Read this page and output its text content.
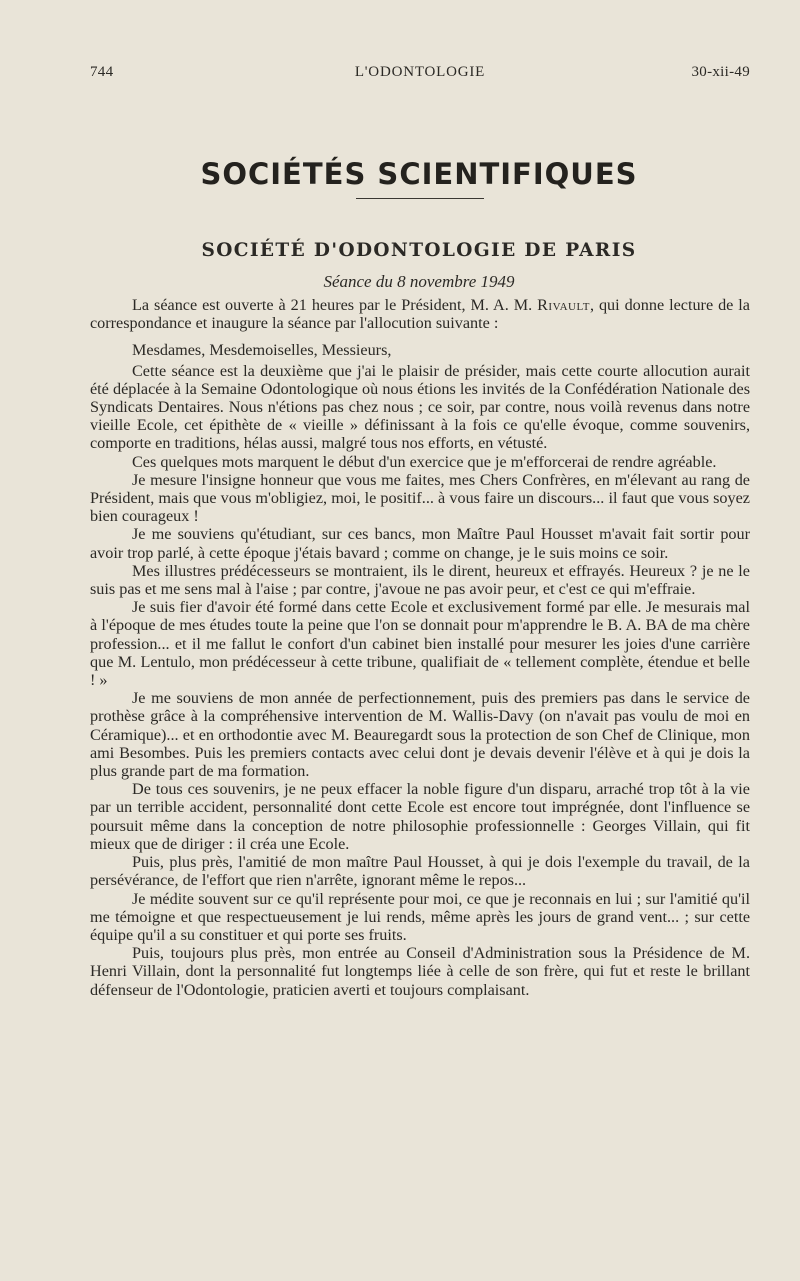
744	L'ODONTOLOGIE	30-xii-49
SOCIÉTÉS SCIENTIFIQUES
SOCIÉTÉ D'ODONTOLOGIE DE PARIS
Séance du 8 novembre 1949

La séance est ouverte à 21 heures par le Président, M. A. M. Rivault, qui donne lecture de la correspondance et inaugure la séance par l'allocution suivante :

Mesdames, Mesdemoiselles, Messieurs,

Cette séance est la deuxième que j'ai le plaisir de présider, mais cette courte allocution aurait été déplacée à la Semaine Odontologique où nous étions les invités de la Confédération Nationale des Syndicats Dentaires. Nous n'étions pas chez nous ; ce soir, par contre, nous voilà revenus dans notre vieille Ecole, cet épithète de « vieille » définissant à la fois ce qu'elle évoque, comme souvenirs, comporte en traditions, hélas aussi, malgré tous nos efforts, en vétusté.

Ces quelques mots marquent le début d'un exercice que je m'efforcerai de rendre agréable.

Je mesure l'insigne honneur que vous me faites, mes Chers Confrères, en m'élevant au rang de Président, mais que vous m'obligiez, moi, le positif... à vous faire un discours... il faut que vous soyez bien courageux !

Je me souviens qu'étudiant, sur ces bancs, mon Maître Paul Housset m'avait fait sortir pour avoir trop parlé, à cette époque j'étais bavard ; comme on change, je le suis moins ce soir.

Mes illustres prédécesseurs se montraient, ils le dirent, heureux et effrayés. Heureux ? je ne le suis pas et me sens mal à l'aise ; par contre, j'avoue ne pas avoir peur, et c'est ce qui m'effraie.

Je suis fier d'avoir été formé dans cette Ecole et exclusivement formé par elle. Je mesurais mal à l'époque de mes études toute la peine que l'on se donnait pour m'apprendre le B. A. BA de ma chère profession... et il me fallut le confort d'un cabinet bien installé pour mesurer les joies d'une carrière que M. Lentulo, mon prédécesseur à cette tribune, qualifiait de « tellement complète, étendue et belle ! »

Je me souviens de mon année de perfectionnement, puis des premiers pas dans le service de prothèse grâce à la compréhensive intervention de M. Wallis-Davy (on n'avait pas voulu de moi en Céramique)... et en orthodontie avec M. Beauregardt sous la protection de son Chef de Clinique, mon ami Besombes. Puis les premiers contacts avec celui dont je devais devenir l'élève et à qui je dois la plus grande part de ma formation.

De tous ces souvenirs, je ne peux effacer la noble figure d'un disparu, arraché trop tôt à la vie par un terrible accident, personnalité dont cette Ecole est encore tout imprégnée, dont l'influence se poursuit même dans la conception de notre philosophie professionnelle : Georges Villain, qui fit mieux que de diriger : il créa une Ecole.

Puis, plus près, l'amitié de mon maître Paul Housset, à qui je dois l'exemple du travail, de la persévérance, de l'effort que rien n'arrête, ignorant même le repos...

Je médite souvent sur ce qu'il représente pour moi, ce que je reconnais en lui ; sur l'amitié qu'il me témoigne et que respectueusement je lui rends, même après les jours de grand vent... ; sur cette équipe qu'il a su constituer et qui porte ses fruits.

Puis, toujours plus près, mon entrée au Conseil d'Administration sous la Présidence de M. Henri Villain, dont la personnalité fut longtemps liée à celle de son frère, qui fut et reste le brillant défenseur de l'Odontologie, praticien averti et toujours complaisant.
